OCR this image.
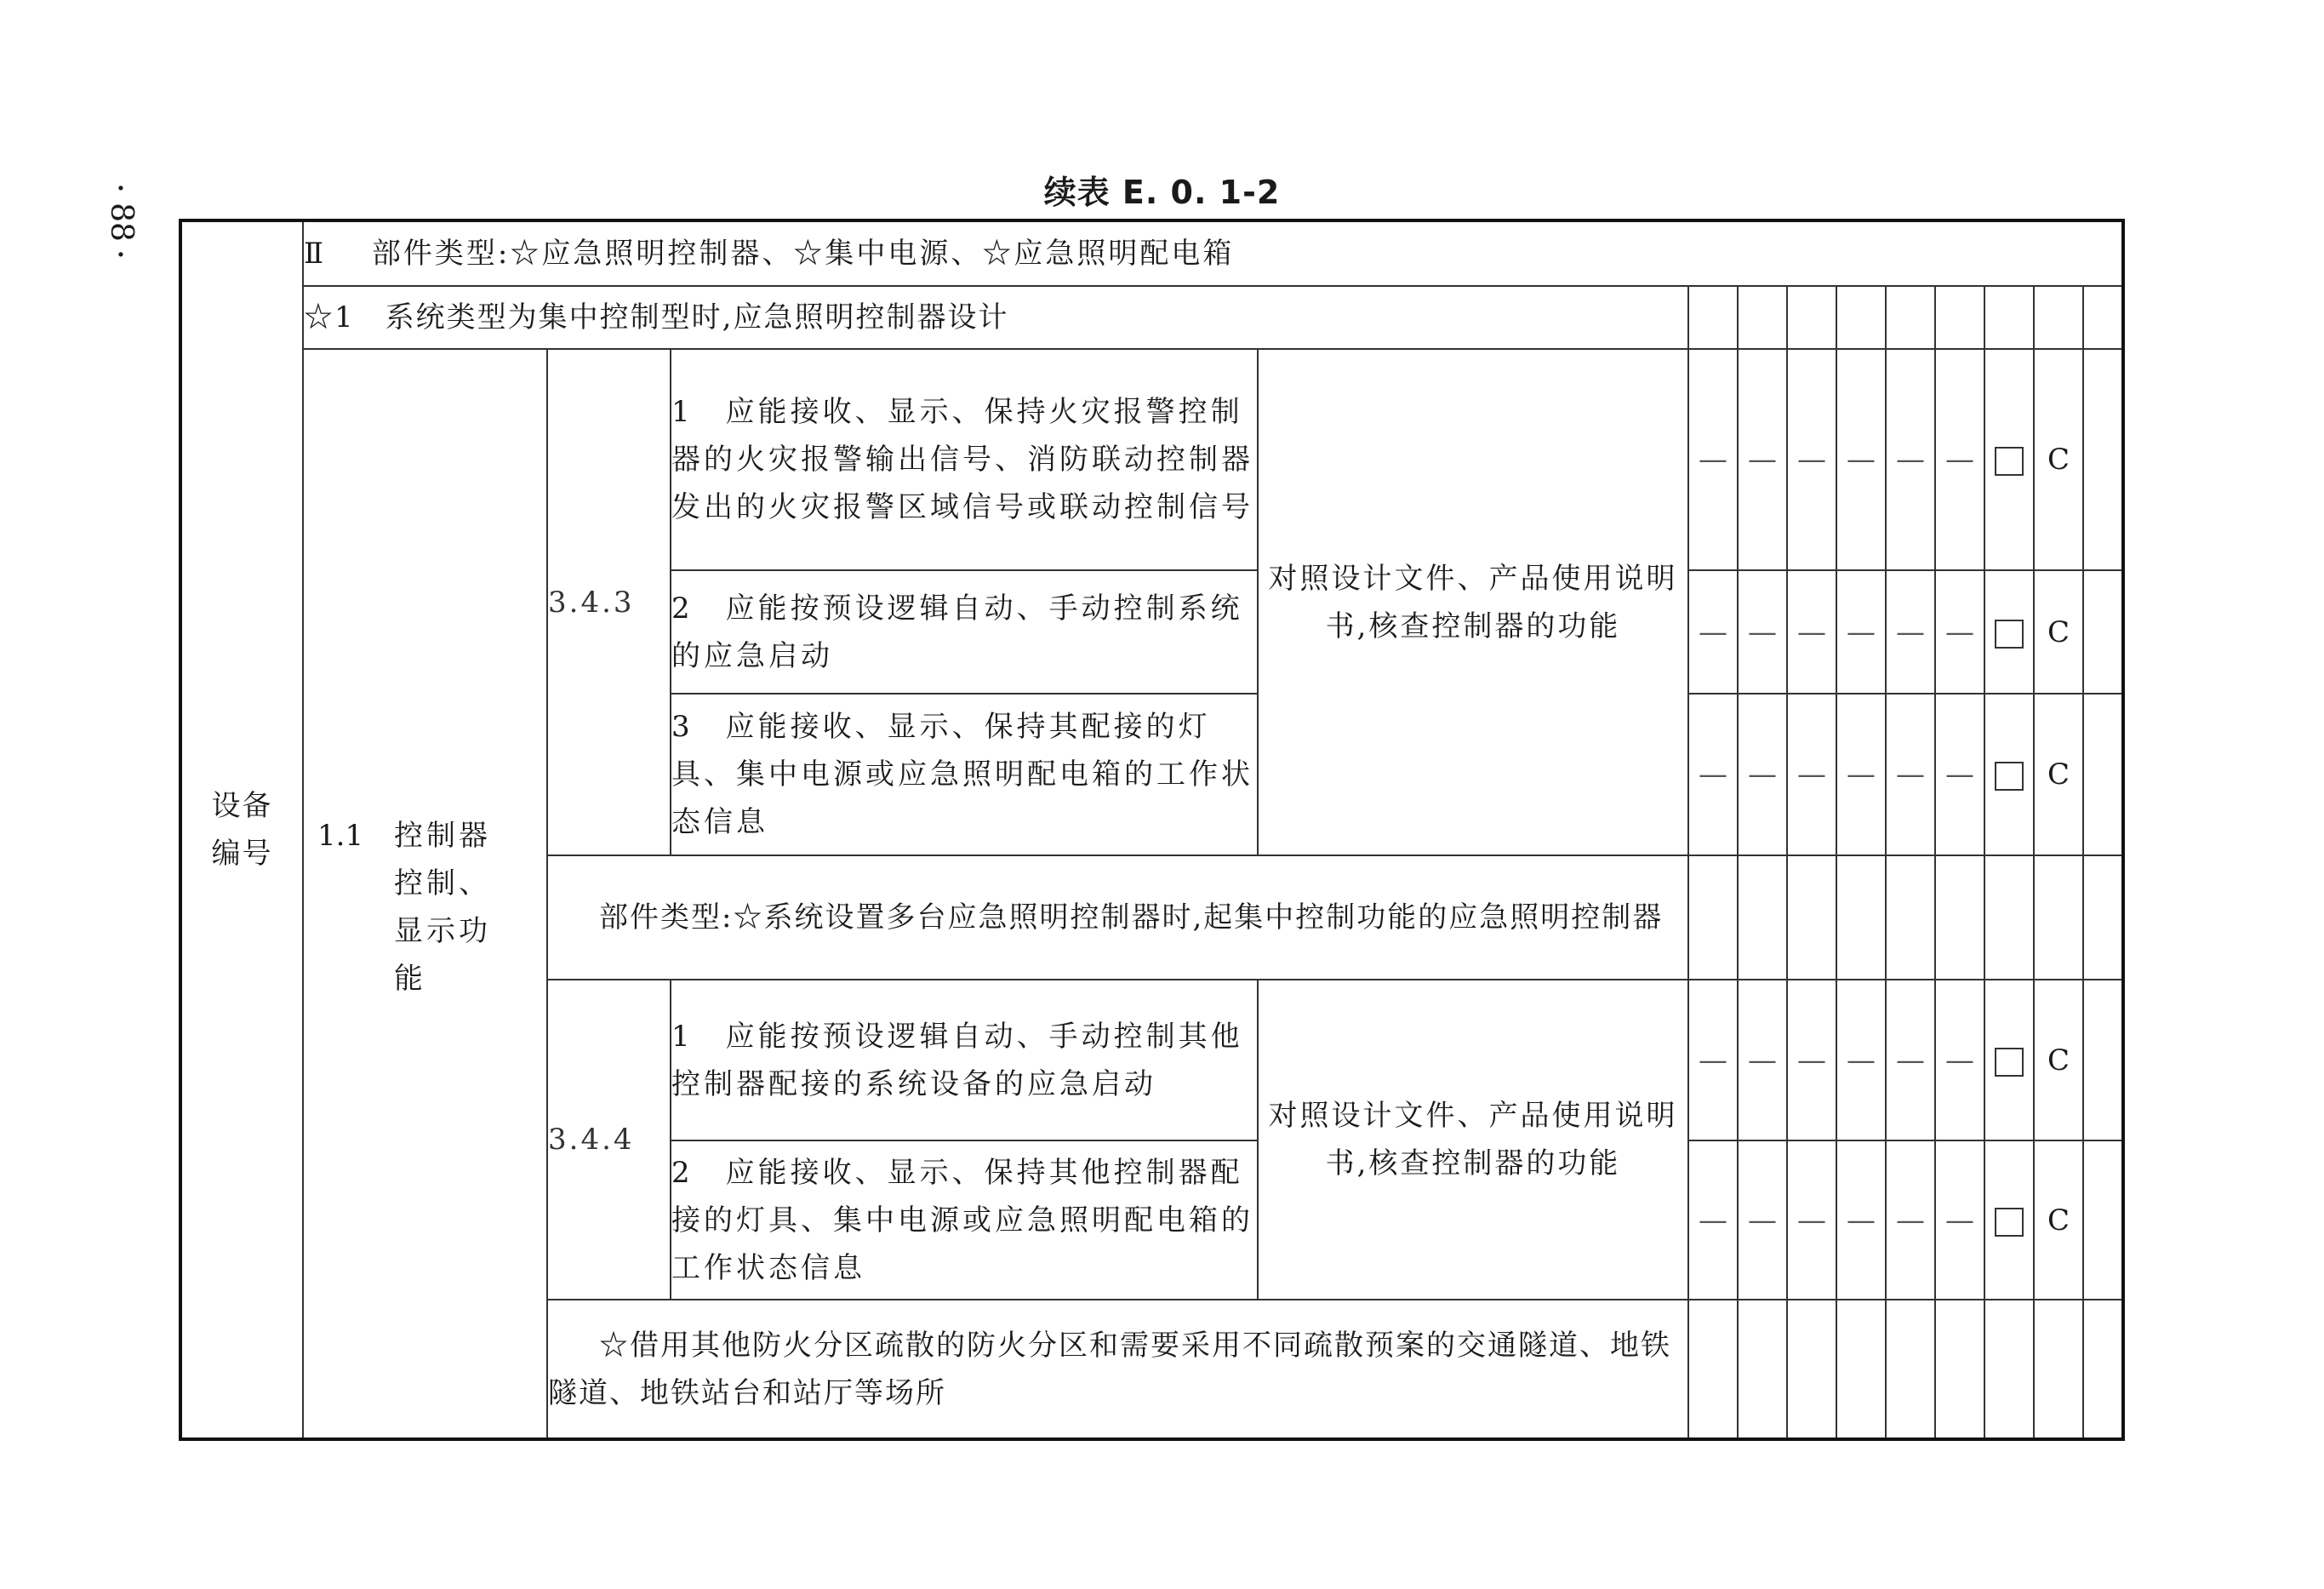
·
88
·
续表 E. 0. 1-2
设备编号	Ⅱ 部件类型:☆应急照明控制器、☆集中电源、☆应急照明配电箱												
	☆1　系统类型为集中控制型时,应急照明控制器设计												

	1.1 控制器控制、显示功能	3.4.3	1　应能接收、显示、保持火灾报警控制器的火灾报警输出信号、消防联动控制器发出的火灾报警区域信号或联动控制信号	对照设计文件、产品使用说明书,核查控制器的功能	—	—	—	—	—	—		C	
			2　应能按预设逻辑自动、手动控制系统的应急启动		—	—	—	—	—	—		C	
			3　应能接收、显示、保持其配接的灯具、集中电源或应急照明配电箱的工作状态信息		—	—	—	—	—	—		C	
		部件类型:☆系统设置多台应急照明控制器时,起集中控制功能的应急照明控制器											
		3.4.4	1　应能按预设逻辑自动、手动控制其他控制器配接的系统设备的应急启动	对照设计文件、产品使用说明书,核查控制器的功能	—	—	—	—	—	—		C	
			2　应能接收、显示、保持其他控制器配接的灯具、集中电源或应急照明配电箱的工作状态信息		—	—	—	—	—	—		C	
		☆借用其他防火分区疏散的防火分区和需要采用不同疏散预案的交通隧道、地铁隧道、地铁站台和站厅等场所											
